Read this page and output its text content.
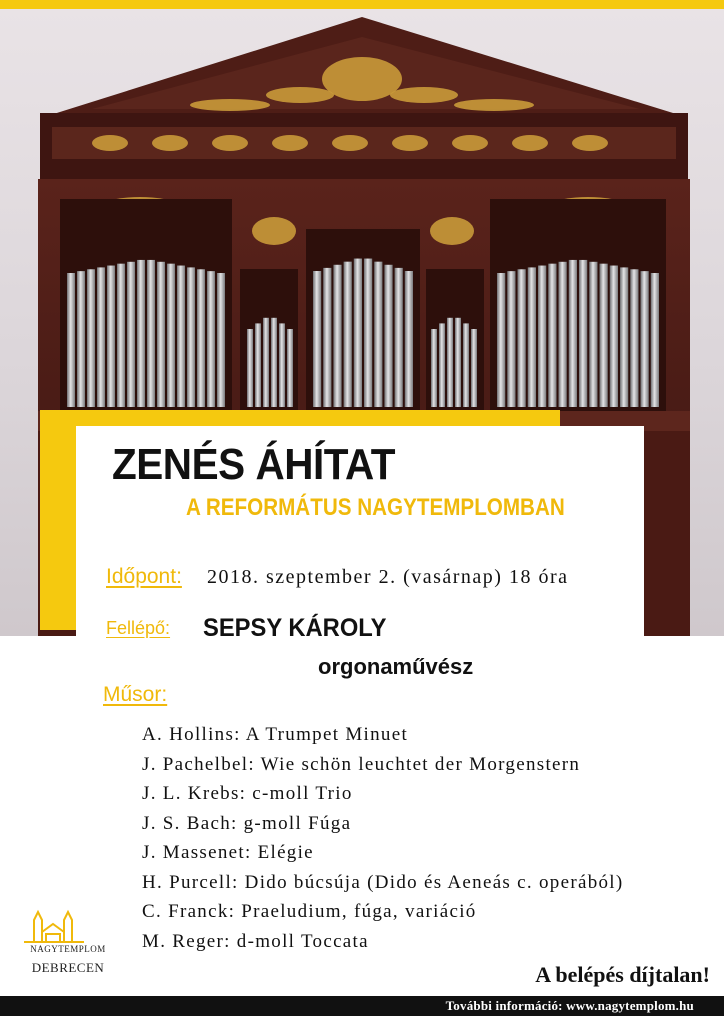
ZENÉS ÁHÍTAT
A REFORMÁTUS NAGYTEMPLOMBAN
Időpont: 2018. szeptember 2. (vasárnap) 18 óra
Fellépő: SEPSY KÁROLY
orgonaművész
Műsor:
A. Hollins: A Trumpet Minuet
J. Pachelbel: Wie schön leuchtet der Morgenstern
J. L. Krebs: c-moll Trio
J. S. Bach: g-moll Fúga
J. Massenet: Elégie
H. Purcell: Dido búcsúja (Dido és Aeneás c. operából)
C. Franck: Praeludium, fúga, variáció
M. Reger: d-moll Toccata
NAGYTEMPLOM
DEBRECEN	A belépés díjtalan!
További információ: www.nagytemplom.hu
